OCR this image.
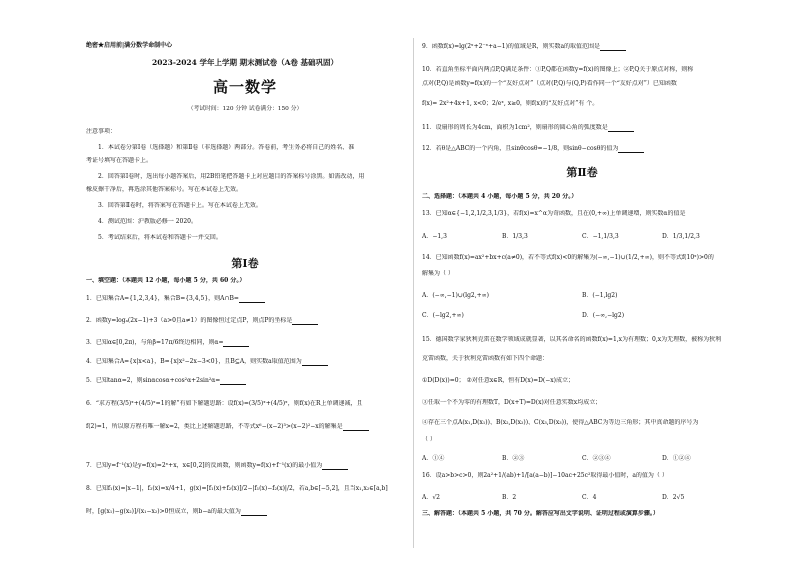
绝密★启用前|满分数学命制中心
2023-2024 学年上学期 期末测试卷（A卷 基础巩固）
高一数学
（考试时间：120 分钟 试卷满分：150 分）
注意事项：
1．本试卷分第Ⅰ卷（选择题）和第Ⅱ卷（非选择题）两部分。答卷前，考生务必将自己的姓名、准
考证号填写在答题卡上。
2．回答第Ⅰ卷时，选出每小题答案后，用2B铅笔把答题卡上对应题目的答案标号涂黑。如需改动，用
橡皮擦干净后，再选涂其他答案标号。写在本试卷上无效。
3．回答第Ⅱ卷时，将答案写在答题卡上。写在本试卷上无效。
4．测试范围：沪教版必修一 2020。
5．考试结束后，将本试卷和答题卡一并交回。
第Ⅰ卷
一、填空题：（本题共 12 小题，每小题 5 分，共 60 分。）
1．已知集合A={1,2,3,4}，集合B={3,4,5}，则A∩B=
2．函数y=logₐ(2x−1)+3（a>0且a≠1）的图像恒过定点P，则点P的坐标是
3．已知α∈[0,2π)，与角β=17π/6终边相同，则α=
4．已知集合A={x|x<a}，B={x|x²−2x−3<0}，且B⊆A，则实数a取值范围为
5．已知tanα=2，则sinαcosα+cos²α+2sin²α=
6．“求方程(3/5)ˣ+(4/5)ˣ=1的解”有如下解题思路：设f(x)=(3/5)ˣ+(4/5)ˣ，则f(x)在R上单调递减，且
f(2)=1，所以原方程有唯一解x=2，类比上述解题思路，不等式x⁶−(x−2)³>(x−2)²−x的解集是
7．已知y=f⁻¹(x)是y=f(x)=2ˣ+x，x∈[0,2]的反函数，则函数y=f(x)+f⁻¹(x)的最小值为
8．已知f₁(x)=|x−1|，f₂(x)=x/4+1，g(x)=[f₁(x)+f₂(x)]/2−|f₁(x)−f₂(x)|/2，若a,b∈[−5,2]，且当x₁,x₂∈[a,b]
时，[g(x₁)−g(x₂)]/(x₁−x₂)>0恒成立，则b−a的最大值为
9．函数f(x)=lg(2ˣ+2⁻ˣ+a−1)的值域是R，则实数a的取值范围是
10．若直角坐标平面内两点P,Q满足条件：①P,Q都在函数y=f(x)的图像上；②P,Q关于原点对称，则称
点对(P,Q)是函数y=f(x)的一个“友好点对”（点对(P,Q)与(Q,P)看作同一个“友好点对”）已知函数
f(x)= 2x²+4x+1, x<0；2/eˣ, x≥0，则f(x)的“友好点对”有 个。
11．设扇形的周长为4cm，面积为1cm²，则扇形的圆心角的弧度数是
12．若θ是△ABC的一个内角，且sinθcosθ=−1/8，则sinθ−cosθ的值为
第Ⅱ卷
二、选择题：（本题共 4 小题，每小题 5 分，共 20 分。）
13．已知α∈{−1,2,1/2,3,1/3}，若f(x)=x^α为奇函数，且在(0,+∞)上单调递增，则实数α的值是
A．−1,3	B．1/3,3	C．−1,1/3,3	D．1/3,1/2,3
14．已知函数f(x)=ax²+bx+c(a≠0)，若不等式f(x)<0的解集为(−∞,−1)∪(1/2,+∞)，则不等式f(10ˣ)>0的
解集为（ ）
A．(−∞,−1)∪(lg2,+∞)	B．(−1,lg2)
C．(−lg2,+∞)	D．(−∞,−lg2)
15．德国数学家狄利克雷在数学领域成就显著，以其名命名的函数f(x)=1,x为有理数；0,x为无理数，被称为狄利
克雷函数，关于狄利克雷函数有如下四个命题：
①D(D(x))=0； ②对任意x∈R，恒有D(x)=D(−x)成立；
③任取一个不为零的有理数T，D(x+T)=D(x)对任意实数x均成立；
④存在三个点A(x₁,D(x₁))、B(x₂,D(x₂))、C(x₃,D(x₃))，使得△ABC为等边三角形；其中真命题的序号为
（ ）
A．①④	B．②③	C．②③④	D．①②④
16．设a>b>c>0，则2a²+1/(ab)+1/[a(a−b)]−10ac+25c²取得最小值时，a的值为（ ）
A．√2	B．2	C．4	D．2√5
三、解答题：（本题共 5 小题，共 70 分。解答应写出文字说明、证明过程或演算步骤。）
